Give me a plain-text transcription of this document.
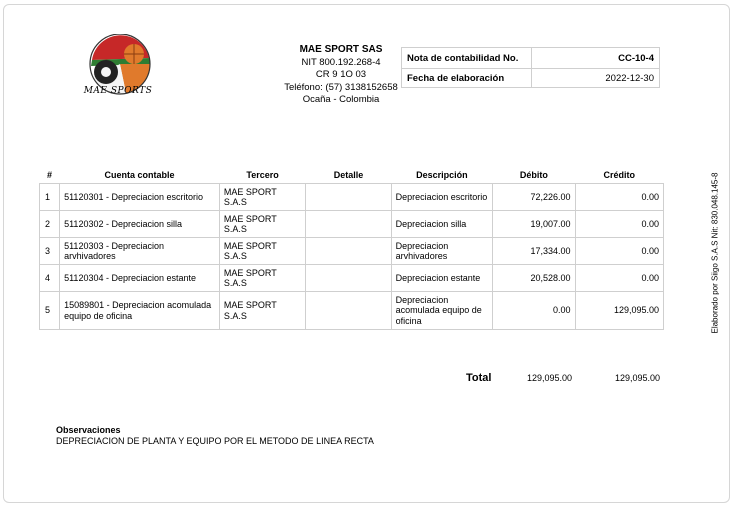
MAE SPORTS
MAE SPORT SAS
NIT 800.192.268-4
CR 9 1O 03
Teléfono: (57) 3138152658
Ocaña - Colombia
Nota de contabilidad No.	CC-10-4
Fecha de elaboración	2022-12-30
#	Cuenta contable	Tercero	Detalle	Descripción	Débito	Crédito
1	51120301 - Depreciacion escritorio	MAE SPORT S.A.S		Depreciacion escritorio	72,226.00	0.00
2	51120302 - Depreciacion silla	MAE SPORT S.A.S		Depreciacion silla	19,007.00	0.00
3	51120303 - Depreciacion arvhivadores	MAE SPORT S.A.S		Depreciacion arvhivadores	17,334.00	0.00
4	51120304 - Depreciacion estante	MAE SPORT S.A.S		Depreciacion estante	20,528.00	0.00
5	15089801 - Depreciacion acomulada equipo de oficina	MAE SPORT S.A.S		Depreciacion acomulada equipo de oficina	0.00	129,095.00
Total	129,095.00	129,095.00
Observaciones
DEPRECIACION DE PLANTA Y EQUIPO POR EL METODO DE LINEA RECTA
Elaborado por Siigo S.A.S Nit: 830.048.145-8
